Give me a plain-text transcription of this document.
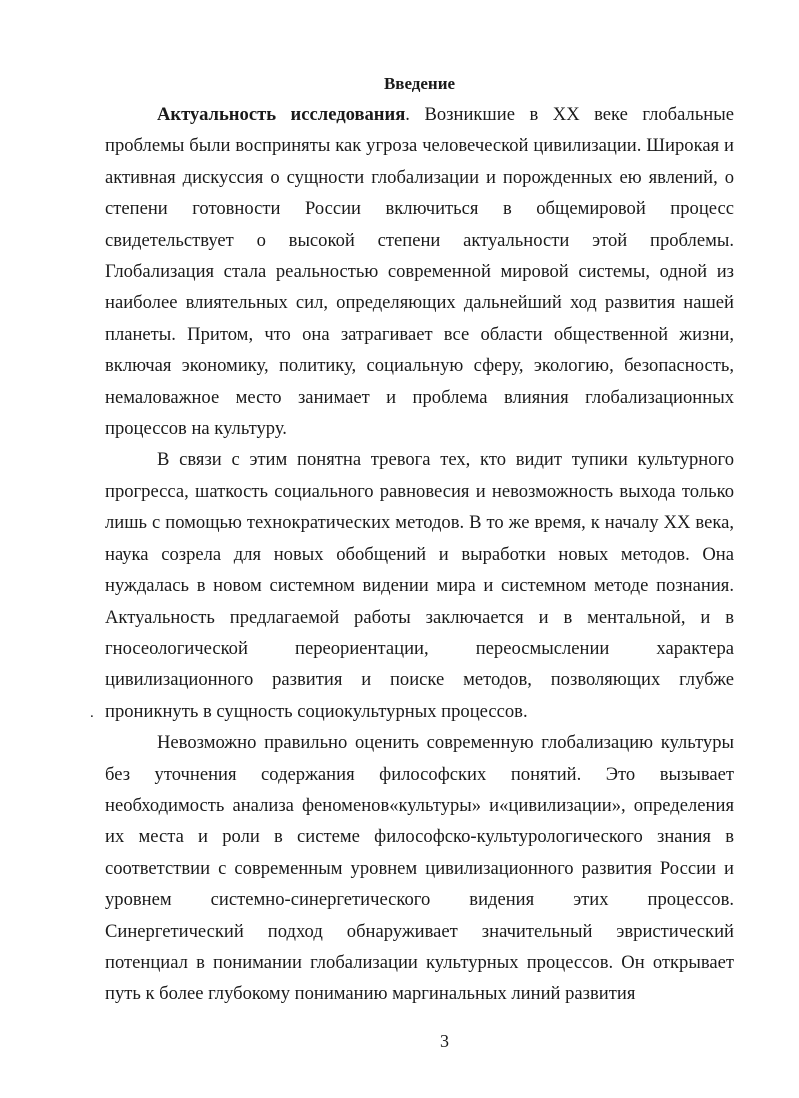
Введение

Актуальность исследования. Возникшие в XX веке глобальные проблемы были восприняты как угроза человеческой цивилизации. Широкая и активная дискуссия о сущности глобализации и порожденных ею явлений, о степени готовности России включиться в общемировой процесс свидетельствует о высокой степени актуальности этой проблемы. Глобализация стала реальностью современной мировой системы, одной из наиболее влиятельных сил, определяющих дальнейший ход развития нашей планеты. Притом, что она затрагивает все области общественной жизни, включая экономику, политику, социальную сферу, экологию, безопасность, немаловажное место занимает и проблема влияния глобализационных процессов на культуру.

В связи с этим понятна тревога тех, кто видит тупики культурного прогресса, шаткость социального равновесия и невозможность выхода только лишь с помощью технократических методов. В то же время, к началу XX века, наука созрела для новых обобщений и выработки новых методов. Она нуждалась в новом системном видении мира и системном методе познания. Актуальность предлагаемой работы заключается и в ментальной, и в гносеологической переориентации, переосмыслении характера цивилизационного развития и поиске методов, позволяющих глубже проникнуть в сущность социокультурных процессов.

Невозможно правильно оценить современную глобализацию культуры без уточнения содержания философских понятий. Это вызывает необходимость анализа феноменов«культуры» и«цивилизации», определения их места и роли в системе философско-культурологического знания в соответствии с современным уровнем цивилизационного развития России и уровнем системно-синергетического видения этих процессов. Синергетический подход обнаруживает значительный эвристический потенциал в понимании глобализации культурных процессов. Он открывает путь к более глубокому пониманию маргинальных линий развития

.
3
